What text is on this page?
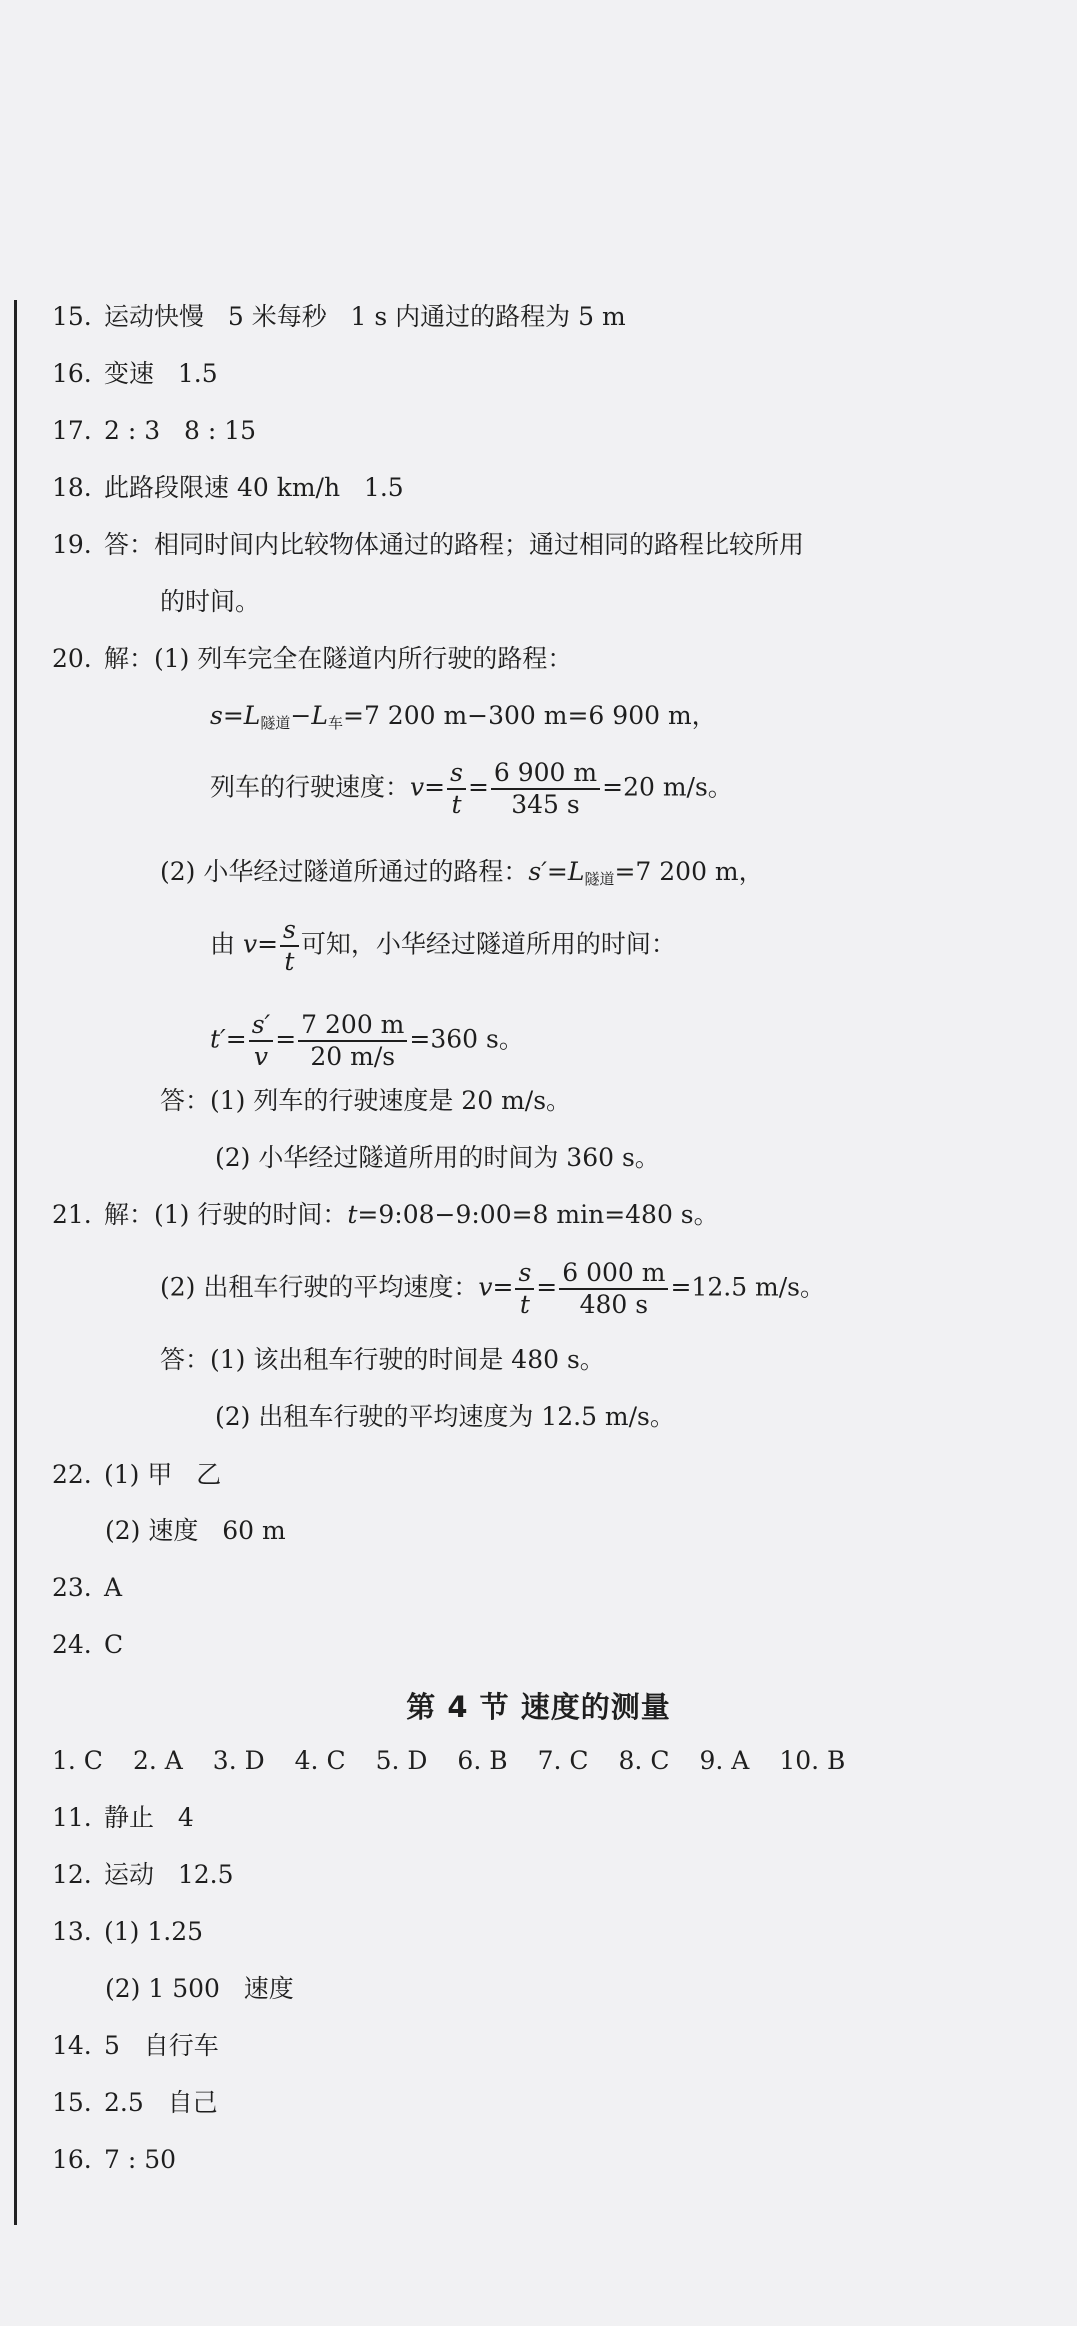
15. 运动快慢   5 米每秒   1 s 内通过的路程为 5 m
16. 变速   1.5
17. 2 : 3   8 : 15
18. 此路段限速 40 km/h   1.5
19. 答：相同时间内比较物体通过的路程；通过相同的路程比较所用
的时间。
20. 解：(1) 列车完全在隧道内所行驶的路程：
$s=L_{隧道}-L_车=7$ 200 m−300 m=6 900 m，
列车的行驶速度：$v= \frac{s}{t} = \frac{6 900 m}{345 s} =20$ m/s。
(2) 小华经过隧道所通过的路程：$s'=L_{隧道}=7$ 200 m，
由 $v= \frac{s}{t}$ 可知，小华经过隧道所用的时间：
$t'= \frac{s'}{v} = \frac{7 200 m}{20 m/s} =360$ s。
答：(1) 列车的行驶速度是 20 m/s。
(2) 小华经过隧道所用的时间为 360 s。
21. 解：(1) 行驶的时间：t=9:08−9:00=8 min=480 s。
(2) 出租车行驶的平均速度：$v= \frac{s}{t} = \frac{6 000 m}{480 s} =12.5$ m/s。
答：(1) 该出租车行驶的时间是 480 s。
(2) 出租车行驶的平均速度为 12.5 m/s。
22. (1) 甲   乙
(2) 速度   60 m
23. A
24. C
第 4 节 速度的测量
1. C 2. A 3. D 4. C 5. D 6. B 7. C 8. C 9. A 10. B
11. 静止   4
12. 运动   12.5
13. (1) 1.25
(2) 1 500   速度
14. 5   自行车
15. 2.5   自己
16. 7 : 50
